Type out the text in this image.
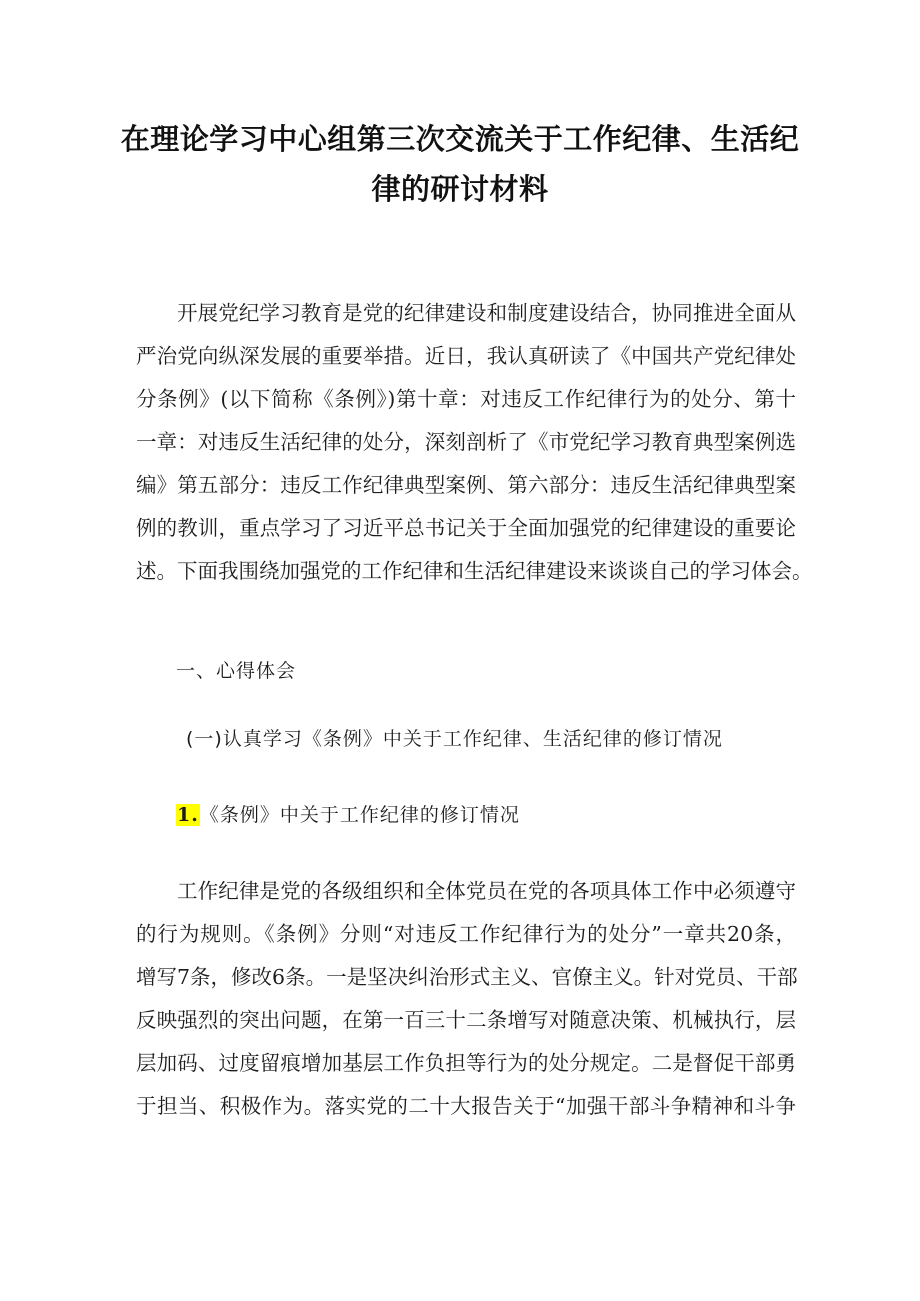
在理论学习中心组第三次交流关于工作纪律、生活纪
律的研讨材料
开展党纪学习教育是党的纪律建设和制度建设结合，协同推进全面从
严治党向纵深发展的重要举措。近日，我认真研读了《中国共产党纪律处
分条例》(以下简称《条例》)第十章：对违反工作纪律行为的处分、第十
一章：对违反生活纪律的处分，深刻剖析了《市党纪学习教育典型案例选
编》第五部分：违反工作纪律典型案例、第六部分：违反生活纪律典型案
例的教训，重点学习了习近平总书记关于全面加强党的纪律建设的重要论
述。下面我围绕加强党的工作纪律和生活纪律建设来谈谈自己的学习体会。
一、心得体会
(一)认真学习《条例》中关于工作纪律、生活纪律的修订情况
1.《条例》中关于工作纪律的修订情况
工作纪律是党的各级组织和全体党员在党的各项具体工作中必须遵守
的行为规则。《条例》分则“对违反工作纪律行为的处分”一章共20条，
增写7条，修改6条。一是坚决纠治形式主义、官僚主义。针对党员、干部
反映强烈的突出问题，在第一百三十二条增写对随意决策、机械执行，层
层加码、过度留痕增加基层工作负担等行为的处分规定。二是督促干部勇
于担当、积极作为。落实党的二十大报告关于“加强干部斗争精神和斗争
